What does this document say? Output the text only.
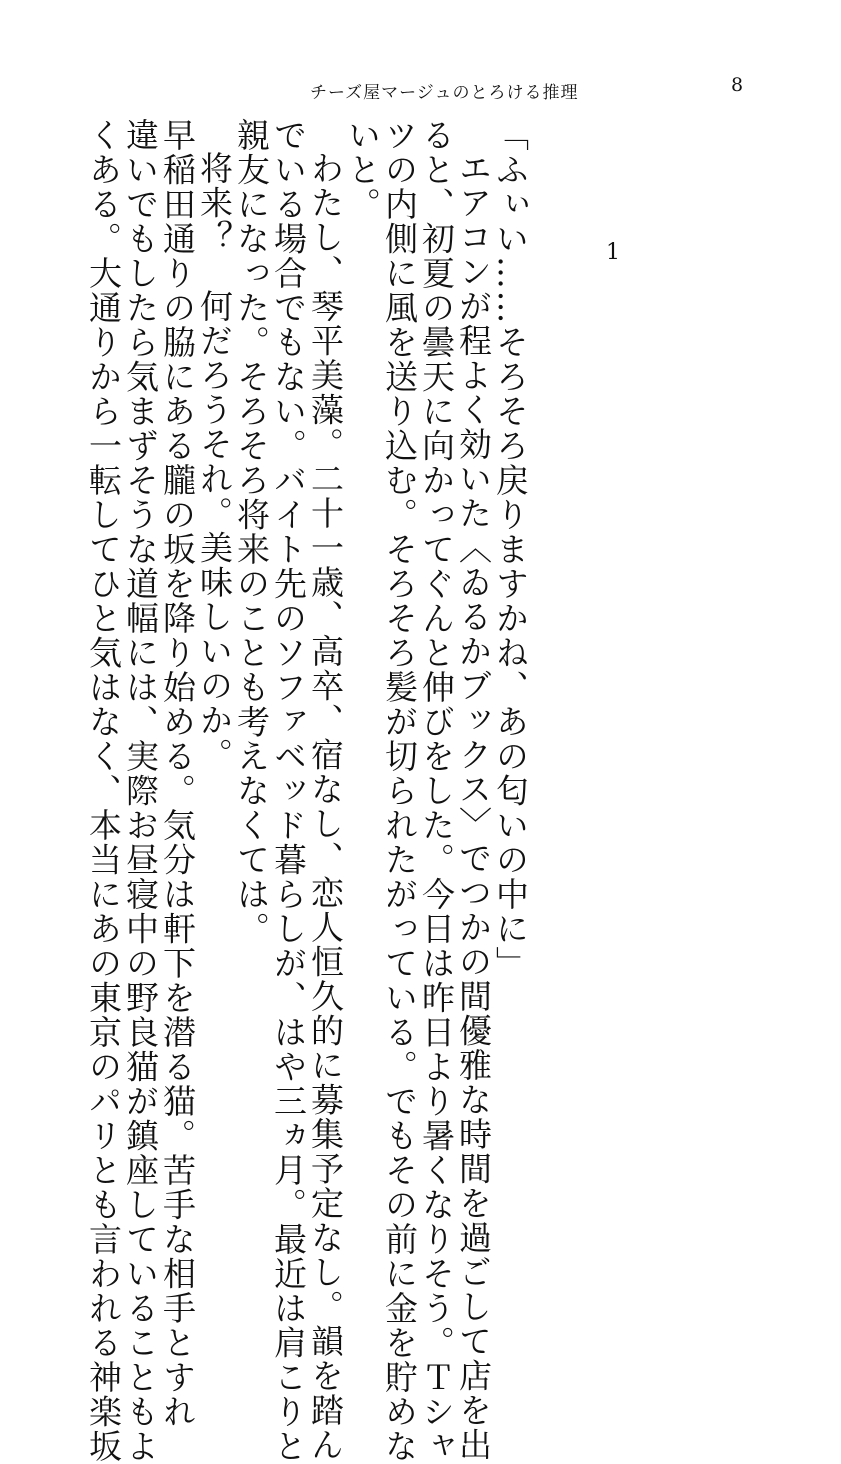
チーズ屋マージュのとろける推理	8
1
「ふぃい……そろそろ戻りますかね、あの匂いの中に」
エアコンが程よく効いた〈ゐるかブックス〉でつかの間優雅な時間を過ごして店を出
ると、初夏の曇天に向かってぐんと伸びをした。今日は昨日より暑くなりそう。Ｔシャ
ツの内側に風を送り込む。そろそろ髪が切られたがっている。でもその前に金を貯めな
いと。
わたし、琴平美藻。二十一歳、高卒、宿なし、恋人恒久的に募集予定なし。韻を踏ん
でいる場合でもない。バイト先のソファベッド暮らしが、はや三ヵ月。最近は肩こりと
親友になった。そろそろ将来のことも考えなくては。
将来？　何だろうそれ。美味しいのか。
早稲田通りの脇にある朧の坂を降り始める。気分は軒下を潜る猫。苦手な相手とすれ
違いでもしたら気まずそうな道幅には、実際お昼寝中の野良猫が鎮座していることもよ
くある。大通りから一転してひと気はなく、本当にあの東京のパリとも言われる神楽坂
